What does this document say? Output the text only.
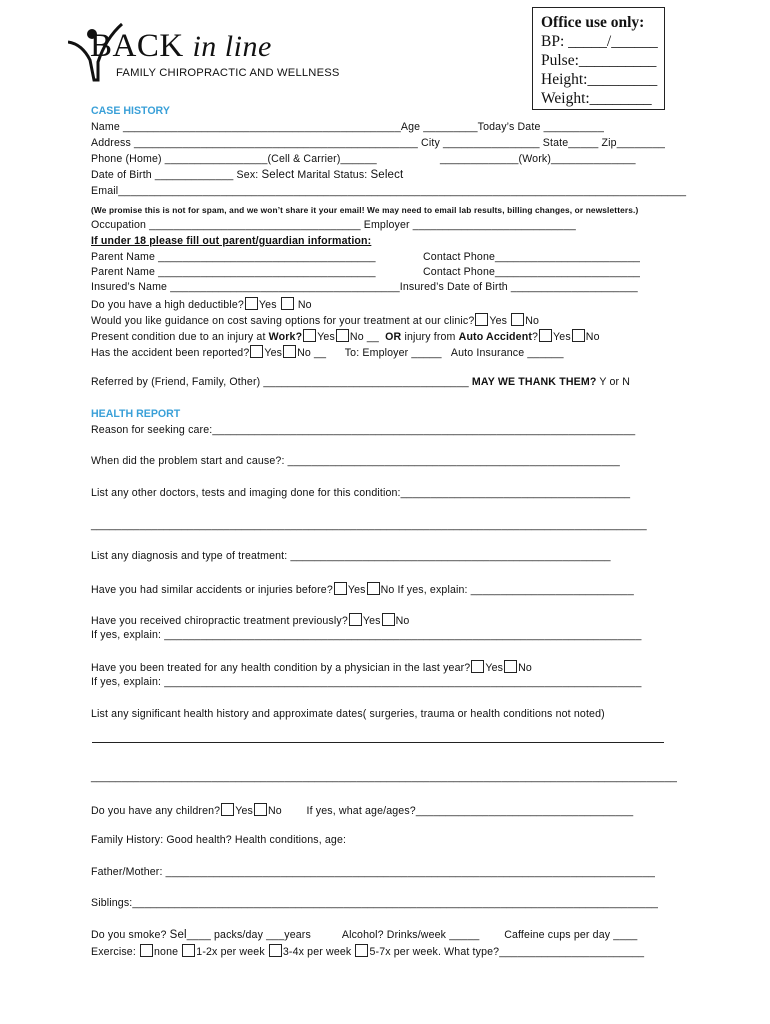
BACK in line
FAMILY CHIROPRACTIC AND WELLNESS
Office use only:
BP: _____/______
Pulse:__________
Height:_________
Weight:________
CASE HISTORY
Name ______________________________________________Age _________Today’s Date __________
Address _______________________________________________ City ________________ State_____ Zip________
Phone (Home) _________________(Cell & Carrier)______	_____________(Work)______________
Date of Birth _____________ Sex: Select Marital Status: Select
Email______________________________________________________________________________________________
(We promise this is not for spam, and we won’t share it your email! We may need to email lab results, billing changes, or newsletters.)
Occupation ___________________________________ Employer ___________________________
If under 18 please fill out parent/guardian information:
Parent Name ____________________________________	Contact Phone________________________
Parent Name ____________________________________	Contact Phone________________________
Insured’s Name ______________________________________Insured’s Date of Birth _____________________
Do you have a high deductible? Yes No
Would you like guidance on cost saving options for your treatment at our clinic? Yes No
Present condition due to an injury at Work? Yes No __ OR injury from Auto Accident? Yes No
Has the accident been reported? Yes No __ To: Employer _____ Auto Insurance ______
Referred by (Friend, Family, Other) __________________________________ MAY WE THANK THEM? Y or N
HEALTH REPORT
Reason for seeking care:______________________________________________________________________
When did the problem start and cause?: _______________________________________________________
List any other doctors, tests and imaging done for this condition:______________________________________
____________________________________________________________________________________________
List any diagnosis and type of treatment: _____________________________________________________
Have you had similar accidents or injuries before? Yes No If yes, explain: ___________________________
Have you received chiropractic treatment previously? Yes No
If yes, explain: _______________________________________________________________________________
Have you been treated for any health condition by a physician in the last year? Yes No
If yes, explain: _______________________________________________________________________________
List any significant health history and approximate dates( surgeries, trauma or health conditions not noted)
_________________________________________________________________________________________________
Do you have any children? Yes No If yes, what age/ages?____________________________________
Family History: Good health? Health conditions, age:
Father/Mother: _________________________________________________________________________________
Siblings:_______________________________________________________________________________________
Do you smoke? Sel____ packs/day ___years	Alcohol? Drinks/week _____ Caffeine cups per day ____
Exercise: none 1-2x per week 3-4x per week 5-7x per week. What type?________________________
